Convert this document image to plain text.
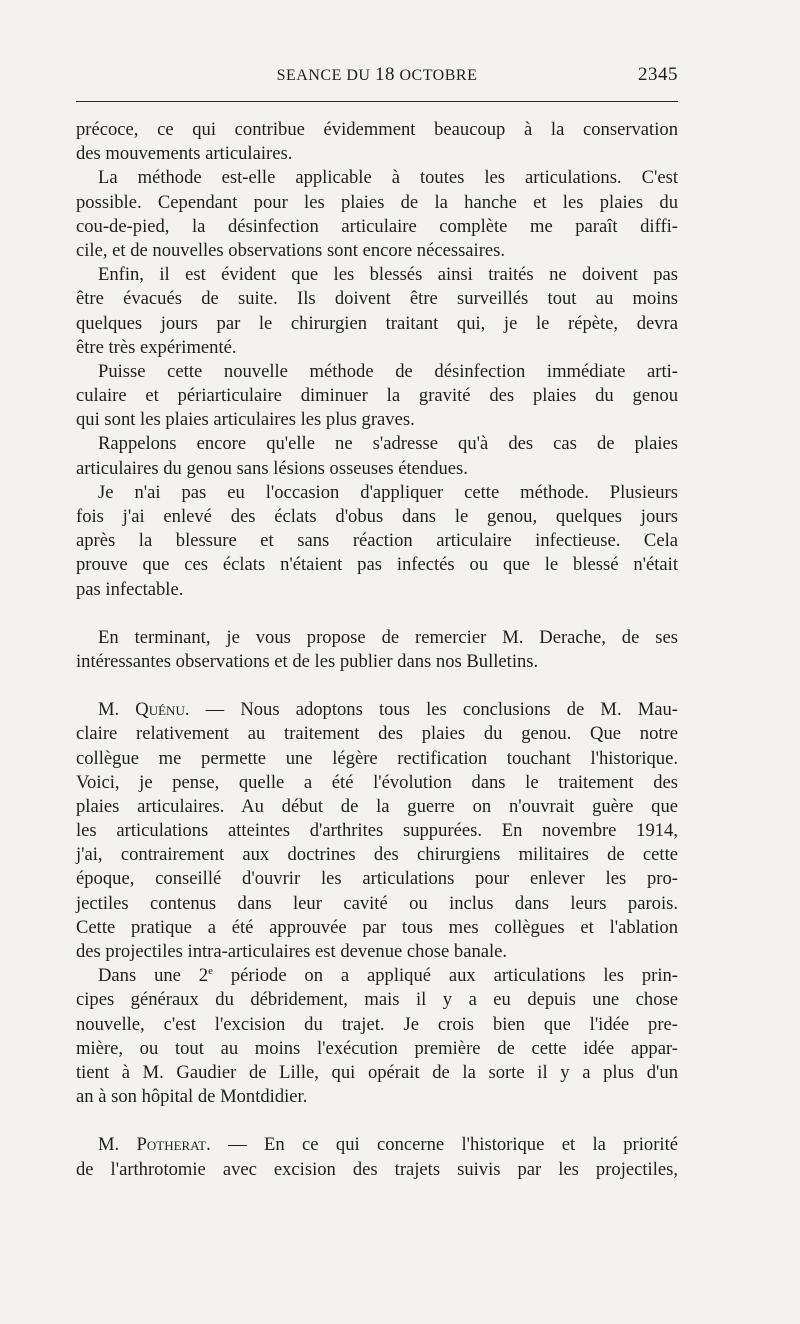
SEANCE DU 18 OCTOBRE	2345
précoce, ce qui contribue évidemment beaucoup à la conservation
des mouvements articulaires.
La méthode est-elle applicable à toutes les articulations. C'est
possible. Cependant pour les plaies de la hanche et les plaies du
cou-de-pied, la désinfection articulaire complète me paraît diffi-
cile, et de nouvelles observations sont encore nécessaires.
Enfin, il est évident que les blessés ainsi traités ne doivent pas
être évacués de suite. Ils doivent être surveillés tout au moins
quelques jours par le chirurgien traitant qui, je le répète, devra
être très expérimenté.
Puisse cette nouvelle méthode de désinfection immédiate arti-
culaire et périarticulaire diminuer la gravité des plaies du genou
qui sont les plaies articulaires les plus graves.
Rappelons encore qu'elle ne s'adresse qu'à des cas de plaies
articulaires du genou sans lésions osseuses étendues.
Je n'ai pas eu l'occasion d'appliquer cette méthode. Plusieurs
fois j'ai enlevé des éclats d'obus dans le genou, quelques jours
après la blessure et sans réaction articulaire infectieuse. Cela
prouve que ces éclats n'étaient pas infectés ou que le blessé n'était
pas infectable.
En terminant, je vous propose de remercier M. Derache, de ses
intéressantes observations et de les publier dans nos Bulletins.
M. Quénu. — Nous adoptons tous les conclusions de M. Mau-
claire relativement au traitement des plaies du genou. Que notre
collègue me permette une légère rectification touchant l'historique.
Voici, je pense, quelle a été l'évolution dans le traitement des
plaies articulaires. Au début de la guerre on n'ouvrait guère que
les articulations atteintes d'arthrites suppurées. En novembre 1914,
j'ai, contrairement aux doctrines des chirurgiens militaires de cette
époque, conseillé d'ouvrir les articulations pour enlever les pro-
jectiles contenus dans leur cavité ou inclus dans leurs parois.
Cette pratique a été approuvée par tous mes collègues et l'ablation
des projectiles intra-articulaires est devenue chose banale.
Dans une 2e période on a appliqué aux articulations les prin-
cipes généraux du débridement, mais il y a eu depuis une chose
nouvelle, c'est l'excision du trajet. Je crois bien que l'idée pre-
mière, ou tout au moins l'exécution première de cette idée appar-
tient à M. Gaudier de Lille, qui opérait de la sorte il y a plus d'un
an à son hôpital de Montdidier.
M. Potherat. — En ce qui concerne l'historique et la priorité
de l'arthrotomie avec excision des trajets suivis par les projectiles,
